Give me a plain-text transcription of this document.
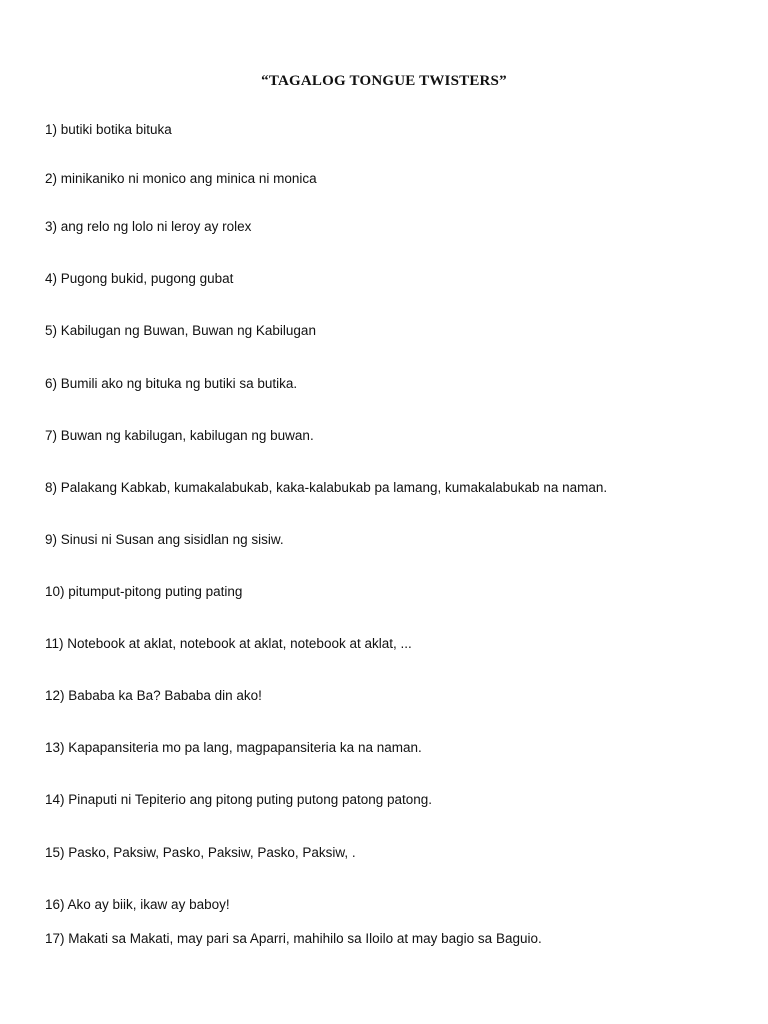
“TAGALOG TONGUE TWISTERS”
1) butiki botika bituka
2) minikaniko ni monico ang minica ni monica
3) ang relo ng lolo ni leroy ay rolex
4) Pugong bukid, pugong gubat
5) Kabilugan ng Buwan, Buwan ng Kabilugan
6) Bumili ako ng bituka ng butiki sa butika.
7) Buwan ng kabilugan, kabilugan ng buwan.
8) Palakang Kabkab, kumakalabukab, kaka-kalabukab pa lamang, kumakalabukab na naman.
9) Sinusi ni Susan ang sisidlan ng sisiw.
10) pitumput-pitong puting pating
11) Notebook at aklat, notebook at aklat, notebook at aklat, ...
12) Bababa ka Ba? Bababa din ako!
13) Kapapansiteria mo pa lang, magpapansiteria ka na naman.
14) Pinaputi ni Tepiterio ang pitong puting putong patong patong.
15) Pasko, Paksiw, Pasko, Paksiw, Pasko, Paksiw, .
16) Ako ay biik, ikaw ay baboy!
17) Makati sa Makati, may pari sa Aparri, mahihilo sa Iloilo at may bagio sa Baguio.
